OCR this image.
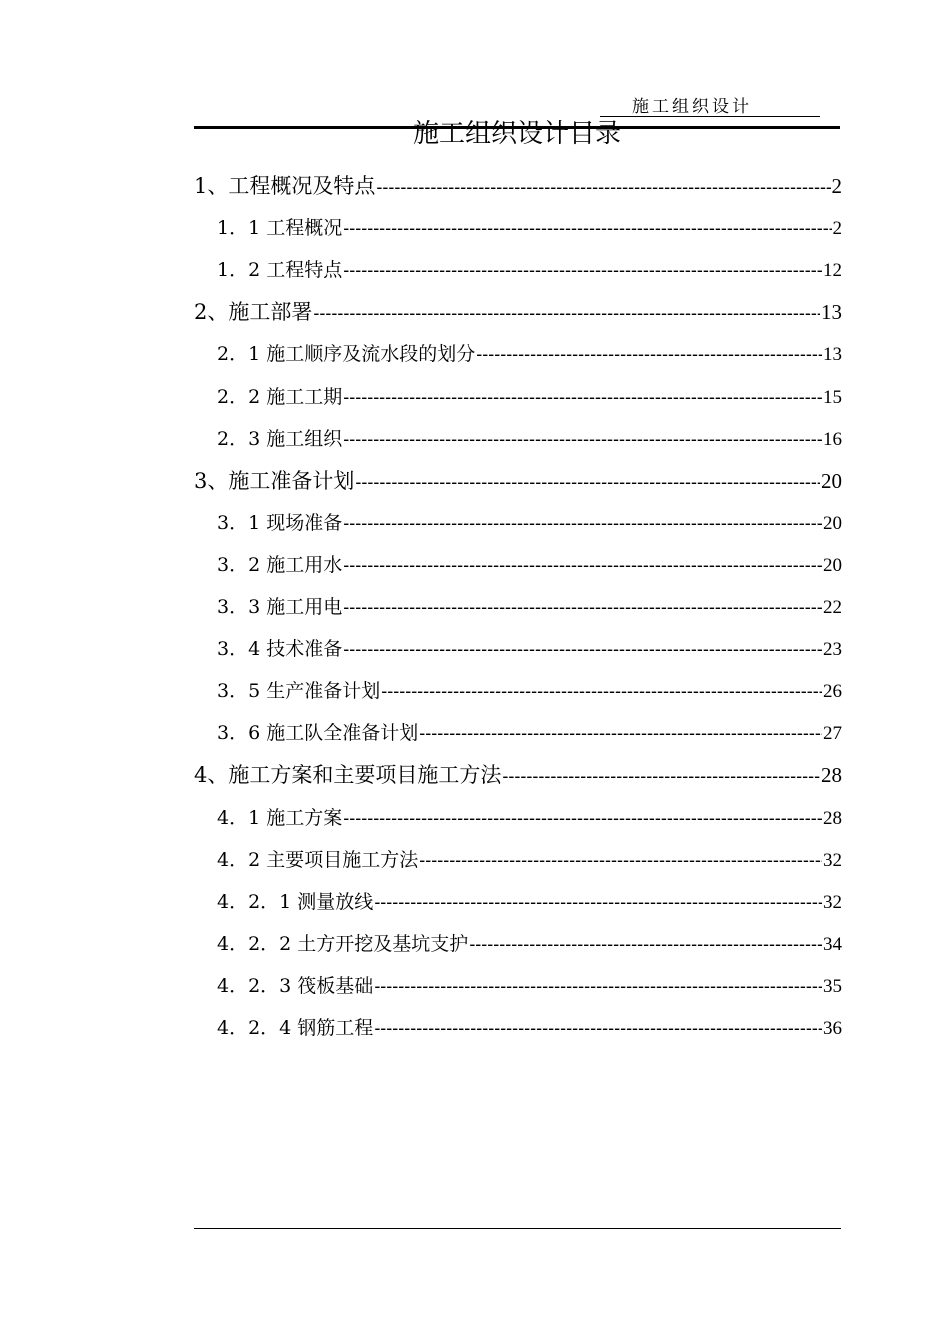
施工组织设计
施工组织设计目录
1、工程概况及特点 -----	2
1．1 工程概况 -----	2
1．2 工程特点 -----	12
2、施工部署 -----	13
2．1 施工顺序及流水段的划分 -----	13
2．2 施工工期 -----	15
2．3 施工组织 -----	16
3、施工准备计划 -----	20
3．1 现场准备 -----	20
3．2 施工用水 -----	20
3．3 施工用电 -----	22
3．4 技术准备 -----	23
3．5 生产准备计划 -----	26
3．6 施工队全准备计划 -----	27
4、施工方案和主要项目施工方法 -----	28
4．1 施工方案 -----	28
4．2 主要项目施工方法 -----	32
4．2．1 测量放线 -----	32
4．2．2 土方开挖及基坑支护 -----	34
4．2．3 筏板基础 -----	35
4．2．4 钢筋工程 -----	36
